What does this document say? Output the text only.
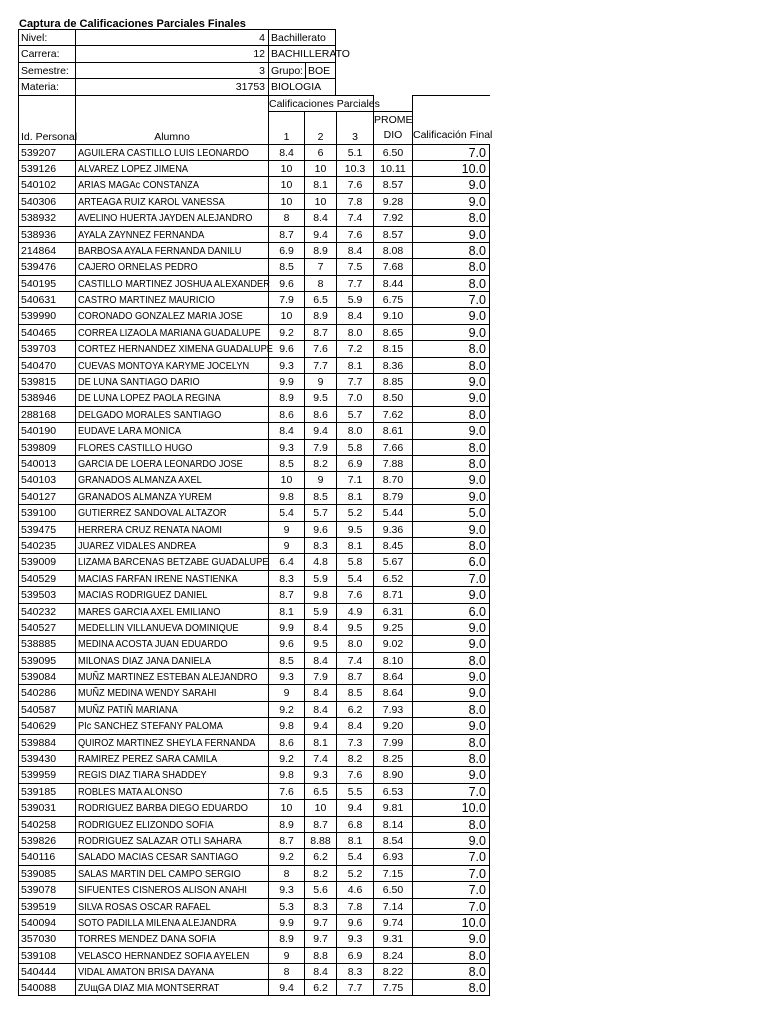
Captura de Calificaciones Parciales Finales
Nivel:	4 Bachillerato
Carrera:	12 BACHILLERATO
Semestre:	3 Grupo: BOE
Materia:	31753 BIOLOGIA
Id. Personal	Alumno
Calificaciones Parciales
1	2	3
PROME
DIO	Calificación Final
539207	AGUILERA CASTILLO LUIS LEONARDO	8.4	6	5.1	6.50	7.0
539126	ALVAREZ LOPEZ JIMENA	10	10	10.3	10.11	10.0
540102	ARIAS MAGAc CONSTANZA	10	8.1	7.6	8.57	9.0
540306	ARTEAGA RUIZ KAROL VANESSA	10	10	7.8	9.28	9.0
538932	AVELINO HUERTA JAYDEN ALEJANDRO	8	8.4	7.4	7.92	8.0
538936	AYALA ZAYNNEZ FERNANDA	8.7	9.4	7.6	8.57	9.0
214864	BARBOSA AYALA FERNANDA DANILU	6.9	8.9	8.4	8.08	8.0
539476	CAJERO ORNELAS PEDRO	8.5	7	7.5	7.68	8.0
540195	CASTILLO MARTINEZ JOSHUA ALEXANDER 9.6	8	7.7	8.44	8.0
540631	CASTRO MARTINEZ MAURICIO	7.9	6.5	5.9	6.75	7.0
539990	CORONADO GONZALEZ MARIA JOSE	10	8.9	8.4	9.10	9.0
540465	CORREA LIZAOLA MARIANA GUADALUPE	9.2	8.7	8.0	8.65	9.0
539703	CORTEZ HERNANDEZ XIMENA GUADALUPE 9.6	7.6	7.2	8.15	8.0
540470	CUEVAS MONTOYA KARYME JOCELYN	9.3	7.7	8.1	8.36	8.0
539815	DE LUNA SANTIAGO DARIO	9.9	9	7.7	8.85	9.0
538946	DE LUNA LOPEZ PAOLA REGINA	8.9	9.5	7.0	8.50	9.0
288168	DELGADO MORALES SANTIAGO	8.6	8.6	5.7	7.62	8.0
540190	EUDAVE LARA MONICA	8.4	9.4	8.0	8.61	9.0
539809	FLORES CASTILLO HUGO	9.3	7.9	5.8	7.66	8.0
540013	GARCIA DE LOERA LEONARDO JOSE	8.5	8.2	6.9	7.88	8.0
540103	GRANADOS ALMANZA AXEL	10	9	7.1	8.70	9.0
540127	GRANADOS ALMANZA YUREM	9.8	8.5	8.1	8.79	9.0
539100	GUTIERREZ SANDOVAL ALTAZOR	5.4	5.7	5.2	5.44	5.0
539475	HERRERA CRUZ RENATA NAOMI	9	9.6	9.5	9.36	9.0
540235	JUAREZ VIDALES ANDREA	9	8.3	8.1	8.45	8.0
539009	LIZAMA BARCENAS BETZABE GUADALUPE	6.4	4.8	5.8	5.67	6.0
540529	MACIAS FARFAN IRENE NASTIENKA	8.3	5.9	5.4	6.52	7.0
539503	MACIAS RODRIGUEZ DANIEL	8.7	9.8	7.6	8.71	9.0
540232	MARES GARCIA AXEL EMILIANO	8.1	5.9	4.9	6.31	6.0
540527	MEDELLIN VILLANUEVA DOMINIQUE	9.9	8.4	9.5	9.25	9.0
538885	MEDINA ACOSTA JUAN EDUARDO	9.6	9.5	8.0	9.02	9.0
539095	MILONAS DIAZ JANA DANIELA	8.5	8.4	7.4	8.10	8.0
539084	MUÑZ MARTINEZ ESTEBAN ALEJANDRO	9.3	7.9	8.7	8.64	9.0
540286	MUÑZ MEDINA WENDY SARAHI	9	8.4	8.5	8.64	9.0
540587	MUÑZ PATIÑ MARIANA	9.2	8.4	6.2	7.93	8.0
540629	PIc SANCHEZ STEFANY PALOMA	9.8	9.4	8.4	9.20	9.0
539884	QUIROZ MARTINEZ SHEYLA FERNANDA	8.6	8.1	7.3	7.99	8.0
539430	RAMIREZ PEREZ SARA CAMILA	9.2	7.4	8.2	8.25	8.0
539959	REGIS DIAZ TIARA SHADDEY	9.8	9.3	7.6	8.90	9.0
539185	ROBLES MATA ALONSO	7.6	6.5	5.5	6.53	7.0
539031	RODRIGUEZ BARBA DIEGO EDUARDO	10	10	9.4	9.81	10.0
540258	RODRIGUEZ ELIZONDO SOFIA	8.9	8.7	6.8	8.14	8.0
539826	RODRIGUEZ SALAZAR OTLI SAHARA	8.7	8.88	8.1	8.54	9.0
540116	SALADO MACIAS CESAR SANTIAGO	9.2	6.2	5.4	6.93	7.0
539085	SALAS MARTIN DEL CAMPO SERGIO	8	8.2	5.2	7.15	7.0
539078	SIFUENTES CISNEROS ALISON ANAHI	9.3	5.6	4.6	6.50	7.0
539519	SILVA ROSAS OSCAR RAFAEL	5.3	8.3	7.8	7.14	7.0
540094	SOTO PADILLA MILENA ALEJANDRA	9.9	9.7	9.6	9.74	10.0
357030	TORRES MENDEZ DANA SOFIA	8.9	9.7	9.3	9.31	9.0
539108	VELASCO HERNANDEZ SOFIA AYELEN	9	8.8	6.9	8.24	8.0
540444	VIDAL AMATON BRISA DAYANA	8	8.4	8.3	8.22	8.0
540088	ZUщGA DIAZ MIA MONTSERRAT	9.4	6.2	7.7	7.75	8.0
